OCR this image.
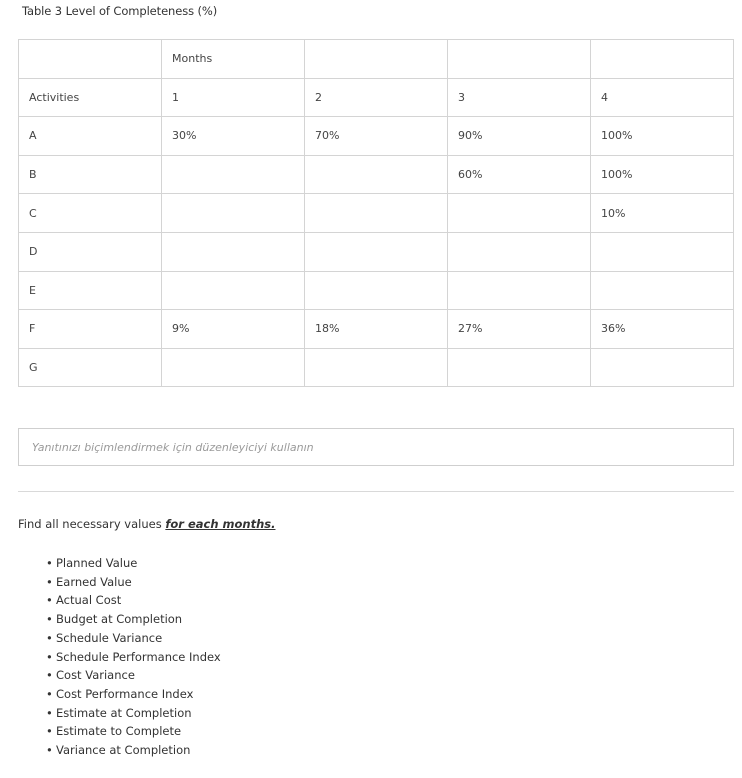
Table 3 Level of Completeness (%)
	Months			
Activities	1	2	3	4
A	30%	70%	90%	100%
B			60%	100%
C				10%
D				
E				
F	9%	18%	27%	36%
G				
Yanıtınızı biçimlendirmek için düzenleyiciyi kullanın
Find all necessary values for each months.
• Planned Value
• Earned Value
• Actual Cost
• Budget at Completion
• Schedule Variance
• Schedule Performance Index
• Cost Variance
• Cost Performance Index
• Estimate at Completion
• Estimate to Complete
• Variance at Completion
